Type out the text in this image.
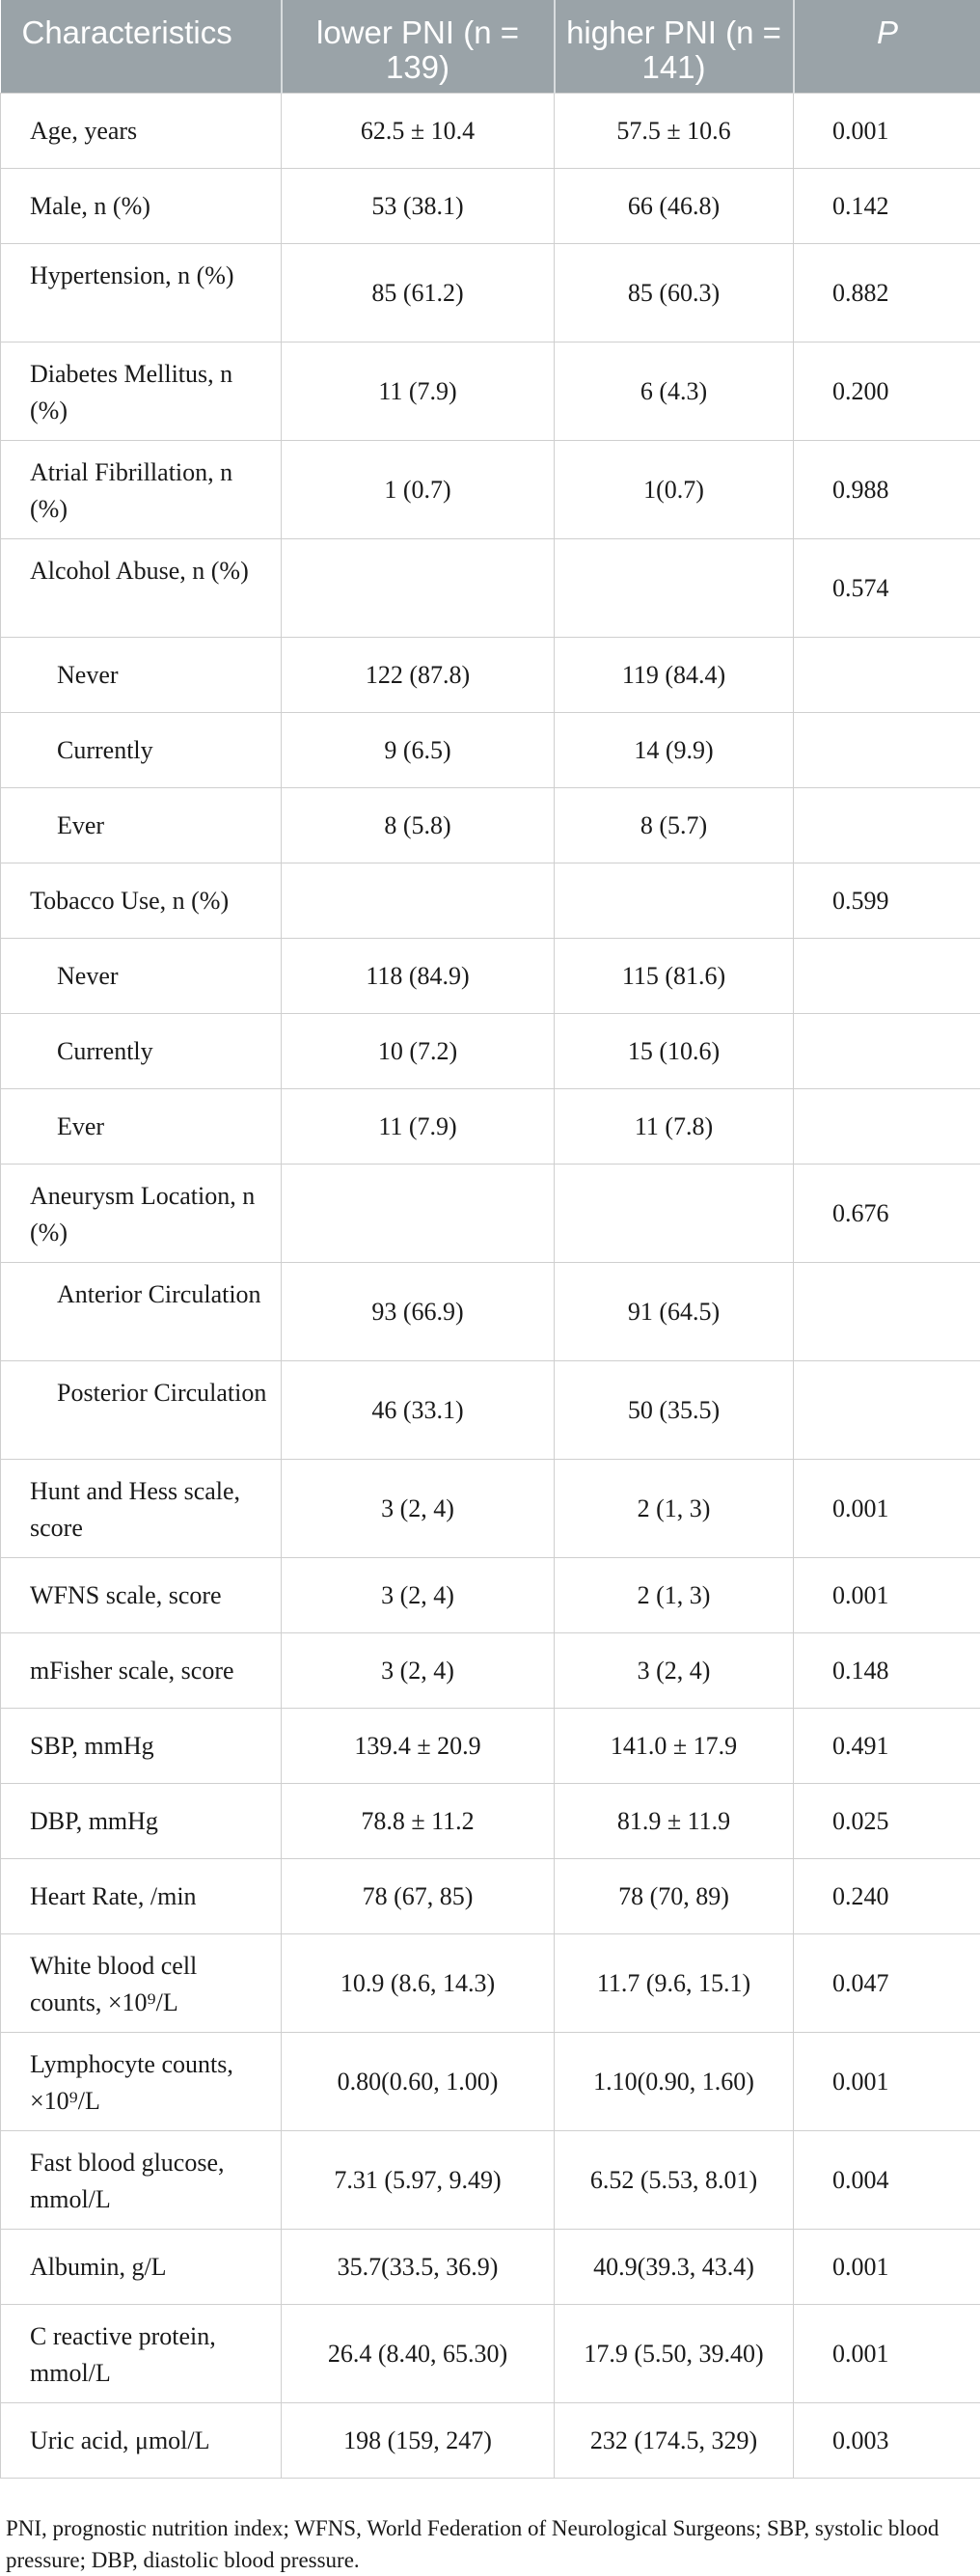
Characteristics	lower PNI (n = 139)	higher PNI (n = 141)	P
Age, years	62.5 ± 10.4	57.5 ± 10.6	0.001
Male, n (%)	53 (38.1)	66 (46.8)	0.142
Hypertension, n (%)	85 (61.2)	85 (60.3)	0.882
Diabetes Mellitus, n (%)	11 (7.9)	6 (4.3)	0.200
Atrial Fibrillation, n (%)	1 (0.7)	1(0.7)	0.988
Alcohol Abuse, n (%)			0.574
Never	122 (87.8)	119 (84.4)	
Currently	9 (6.5)	14 (9.9)	
Ever	8 (5.8)	8 (5.7)	
Tobacco Use, n (%)			0.599
Never	118 (84.9)	115 (81.6)	
Currently	10 (7.2)	15 (10.6)	
Ever	11 (7.9)	11 (7.8)	
Aneurysm Location, n (%)			0.676
Anterior Circulation	93 (66.9)	91 (64.5)	
Posterior Circulation	46 (33.1)	50 (35.5)	
Hunt and Hess scale, score	3 (2, 4)	2 (1, 3)	0.001
WFNS scale, score	3 (2, 4)	2 (1, 3)	0.001
mFisher scale, score	3 (2, 4)	3 (2, 4)	0.148
SBP, mmHg	139.4 ± 20.9	141.0 ± 17.9	0.491
DBP, mmHg	78.8 ± 11.2	81.9 ± 11.9	0.025
Heart Rate, /min	78 (67, 85)	78 (70, 89)	0.240
White blood cell counts, ×10⁹/L	10.9 (8.6, 14.3)	11.7 (9.6, 15.1)	0.047
Lymphocyte counts, ×10⁹/L	0.80(0.60, 1.00)	1.10(0.90, 1.60)	0.001
Fast blood glucose, mmol/L	7.31 (5.97, 9.49)	6.52 (5.53, 8.01)	0.004
Albumin, g/L	35.7(33.5, 36.9)	40.9(39.3, 43.4)	0.001
C reactive protein, mmol/L	26.4 (8.40, 65.30)	17.9 (5.50, 39.40)	0.001
Uric acid, μmol/L	198 (159, 247)	232 (174.5, 329)	0.003
PNI, prognostic nutrition index; WFNS, World Federation of Neurological Surgeons; SBP, systolic blood pressure; DBP, diastolic blood pressure.
